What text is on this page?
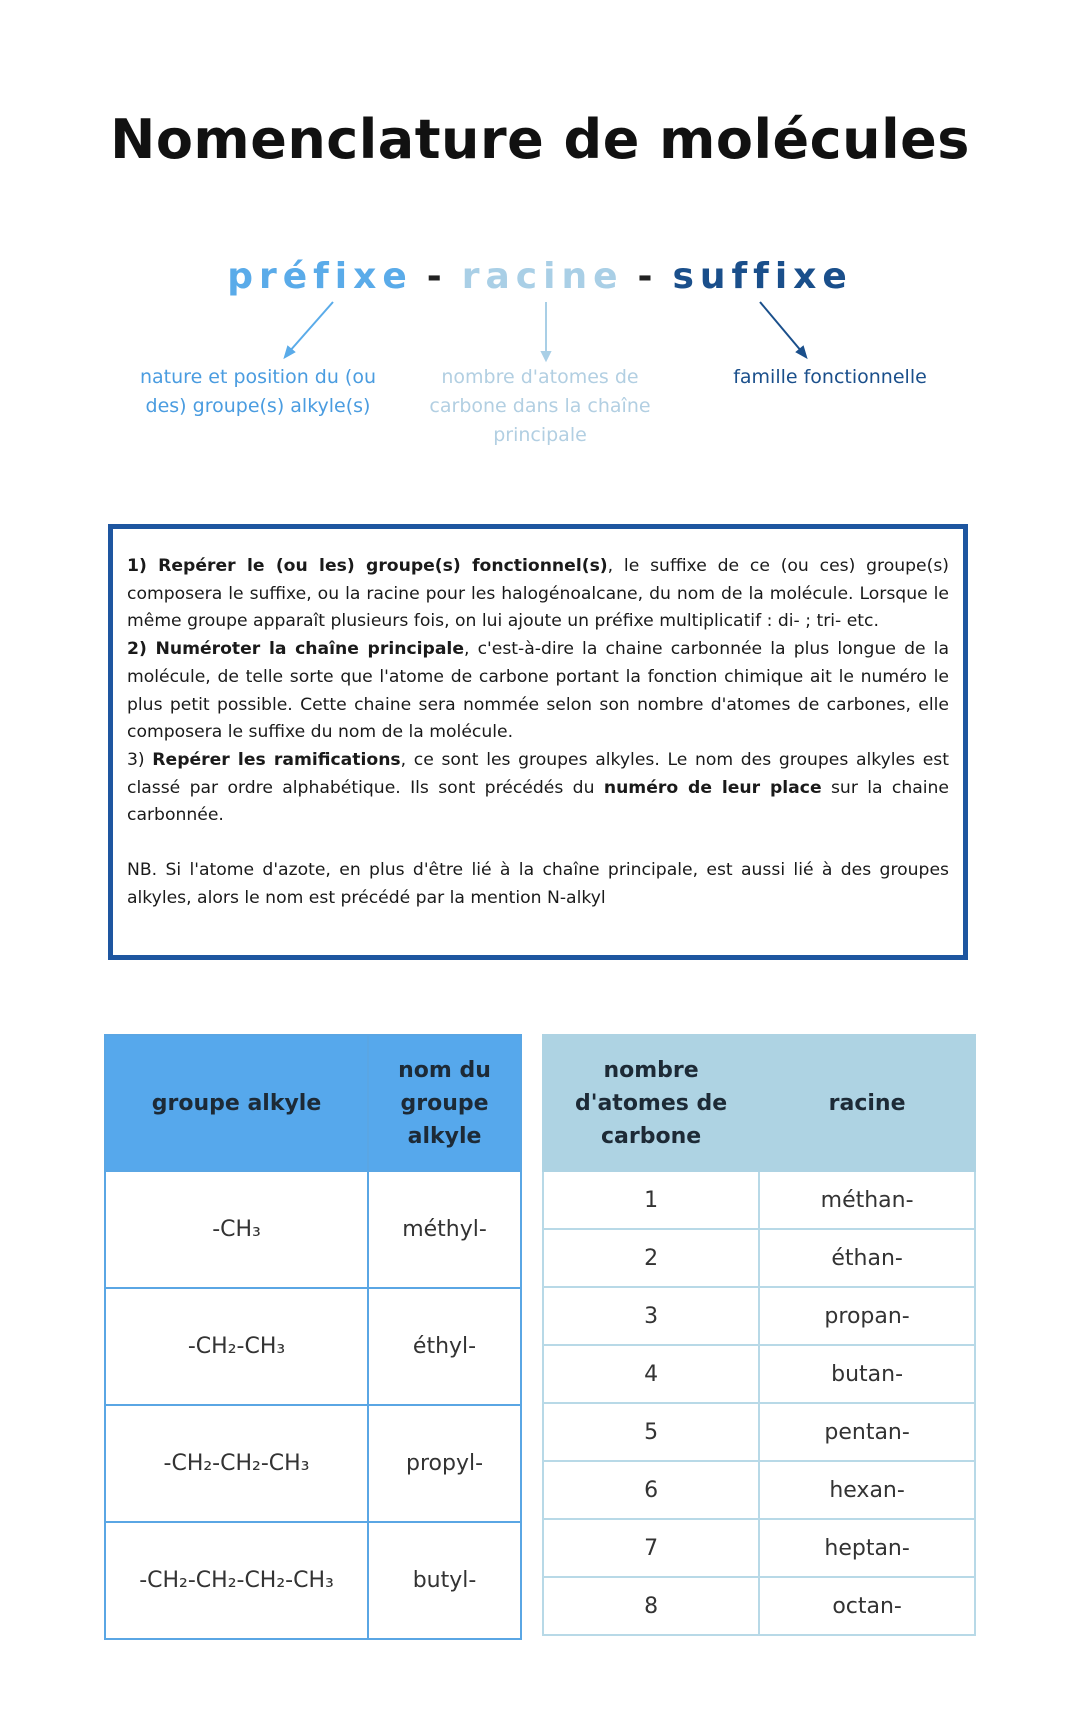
Nomenclature de molécules
préfixe - racine - suffixe
nature et position du (ou des) groupe(s) alkyle(s)
nombre d'atomes de carbone dans la chaîne principale
famille fonctionnelle

1) Repérer le (ou les) groupe(s) fonctionnel(s), le suffixe de ce (ou ces) groupe(s) composera le suffixe, ou la racine pour les halogénoalcane, du nom de la molécule. Lorsque le même groupe apparaît plusieurs fois, on lui ajoute un préfixe multiplicatif : di- ; tri- etc.

2) Numéroter la chaîne principale, c'est-à-dire la chaine carbonnée la plus longue de la molécule, de telle sorte que l'atome de carbone portant la fonction chimique ait le numéro le plus petit possible. Cette chaine sera nommée selon son nombre d'atomes de carbones, elle composera le suffixe du nom de la molécule.

3) Repérer les ramifications, ce sont les groupes alkyles. Le nom des groupes alkyles est classé par ordre alphabétique. Ils sont précédés du numéro de leur place sur la chaine carbonnée.

NB. Si l'atome d'azote, en plus d'être lié à la chaîne principale, est aussi lié à des groupes alkyles, alors le nom est précédé par la mention N-alkyl

groupe alkyle	nom du groupe alkyle
-CH₃	méthyl-
-CH₂-CH₃	éthyl-
-CH₂-CH₂-CH₃	propyl-
-CH₂-CH₂-CH₂-CH₃	butyl-
nombre d'atomes de carbone	racine
1	méthan-
2	éthan-
3	propan-
4	butan-
5	pentan-
6	hexan-
7	heptan-
8	octan-
